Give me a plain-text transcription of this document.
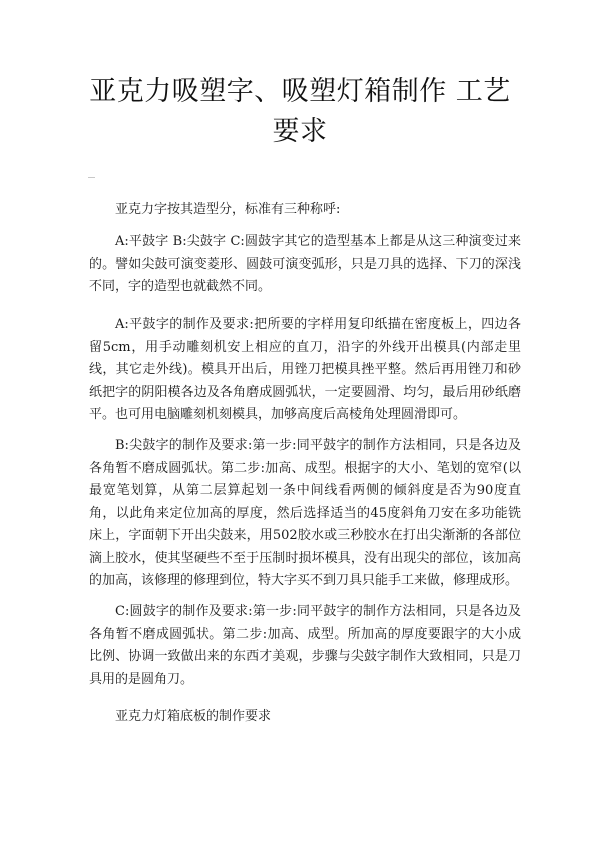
亚克力吸塑字、吸塑灯箱制作 工艺要求

亚克力字按其造型分，标准有三种称呼:

A:平鼓字 B:尖鼓字 C:圆鼓字其它的造型基本上都是从这三种演变过来的。譬如尖鼓可演变菱形、圆鼓可演变弧形，只是刀具的选择、下刀的深浅不同，字的造型也就截然不同。

A:平鼓字的制作及要求:把所要的字样用复印纸描在密度板上，四边各留5cm，用手动雕刻机安上相应的直刀，沿字的外线开出模具(内部走里线，其它走外线)。模具开出后，用锉刀把模具挫平整。然后再用锉刀和砂纸把字的阴阳模各边及各角磨成圆弧状，一定要圆滑、均匀，最后用砂纸磨平。也可用电脑雕刻机刻模具，加够高度后高棱角处理圆滑即可。

B:尖鼓字的制作及要求:第一步:同平鼓字的制作方法相同，只是各边及各角暂不磨成圆弧状。第二步:加高、成型。根据字的大小、笔划的宽窄(以最宽笔划算，从第二层算起划一条中间线看两侧的倾斜度是否为90度直角，以此角来定位加高的厚度，然后选择适当的45度斜角刀安在多功能铣床上，字面朝下开出尖鼓来，用502胶水或三秒胶水在打出尖渐渐的各部位滴上胶水，使其坚硬些不至于压制时损坏模具，没有出现尖的部位，该加高的加高，该修理的修理到位，特大字买不到刀具只能手工来做，修理成形。

C:圆鼓字的制作及要求:第一步:同平鼓字的制作方法相同，只是各边及各角暂不磨成圆弧状。第二步:加高、成型。所加高的厚度要跟字的大小成比例、协调一致做出来的东西才美观，步骤与尖鼓字制作大致相同，只是刀具用的是圆角刀。

亚克力灯箱底板的制作要求
